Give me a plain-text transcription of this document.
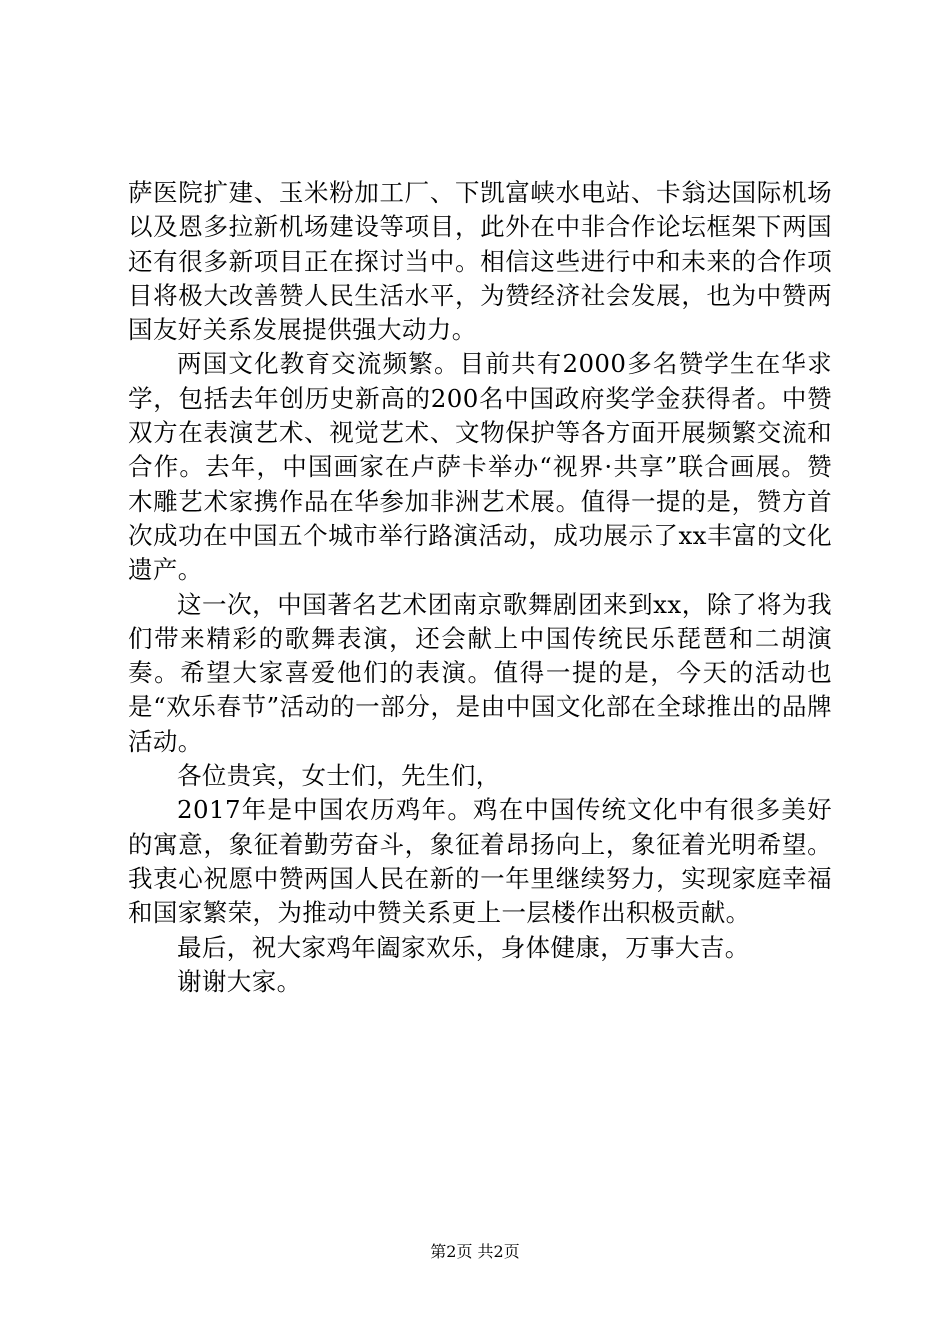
萨医院扩建、玉米粉加工厂、下凯富峡水电站、卡翁达国际机场以及恩多拉新机场建设等项目，此外在中非合作论坛框架下两国还有很多新项目正在探讨当中。相信这些进行中和未来的合作项目将极大改善赞人民生活水平，为赞经济社会发展，也为中赞两国友好关系发展提供强大动力。

两国文化教育交流频繁。目前共有2000多名赞学生在华求学，包括去年创历史新高的200名中国政府奖学金获得者。中赞双方在表演艺术、视觉艺术、文物保护等各方面开展频繁交流和合作。去年，中国画家在卢萨卡举办“视界·共享”联合画展。赞木雕艺术家携作品在华参加非洲艺术展。值得一提的是，赞方首次成功在中国五个城市举行路演活动，成功展示了xx丰富的文化遗产。

这一次，中国著名艺术团南京歌舞剧团来到xx，除了将为我们带来精彩的歌舞表演，还会献上中国传统民乐琵琶和二胡演奏。希望大家喜爱他们的表演。值得一提的是，今天的活动也是“欢乐春节”活动的一部分，是由中国文化部在全球推出的品牌活动。

各位贵宾，女士们，先生们，

2017年是中国农历鸡年。鸡在中国传统文化中有很多美好的寓意，象征着勤劳奋斗，象征着昂扬向上，象征着光明希望。我衷心祝愿中赞两国人民在新的一年里继续努力，实现家庭幸福和国家繁荣，为推动中赞关系更上一层楼作出积极贡献。

最后，祝大家鸡年阖家欢乐，身体健康，万事大吉。

谢谢大家。

第2页 共2页
